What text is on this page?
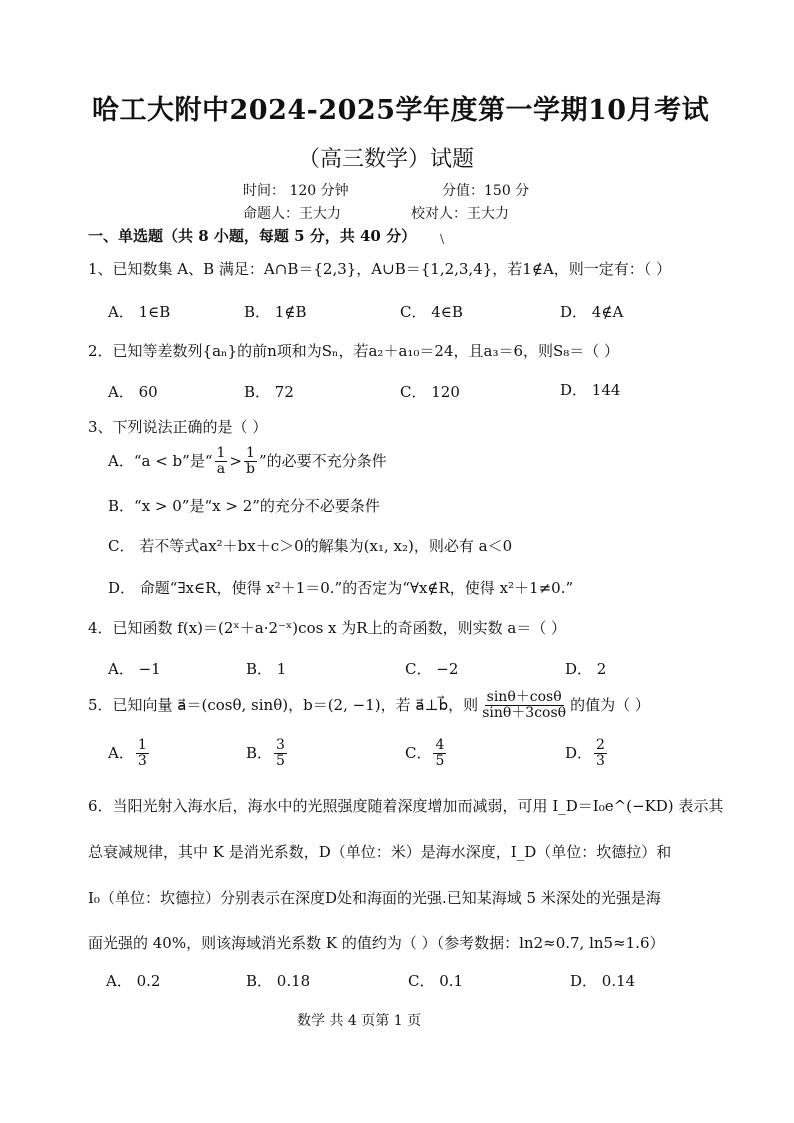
哈工大附中2024-2025学年度第一学期10月考试
（高三数学）试题
时间： 120 分钟	分值：150 分
命题人：王大力	校对人：王大力
一、单选题（共 8 小题，每题 5 分，共 40 分） \
1、已知数集 A、B 满足：A∩B＝{2,3}，A∪B＝{1,2,3,4}，若1∉A，则一定有：（ ）
A． 1∈B	B． 1∉B	C． 4∈B	D． 4∉A
2．已知等差数列{aₙ}的前n项和为Sₙ，若a₂＋a₁₀＝24，且a₃＝6，则S₈＝（ ）
A． 60	B． 72	C． 120	D． 144
3、下列说法正确的是（ ）
A．“a < b”是“ $\frac{1}{a} > \frac{1}{b}$ ”的必要不充分条件
B．“x > 0”是“x > 2”的充分不必要条件
C． 若不等式ax²＋bx＋c＞0的解集为(x₁, x₂)，则必有 a＜0
D． 命题“∃x∈R，使得 x²＋1＝0.”的否定为“∀x∉R，使得 x²＋1≠0.”
4．已知函数 f(x)＝(2ˣ＋a·2⁻ˣ)cos x 为R上的奇函数，则实数 a＝（ ）
A． −1	B． 1	C． −2	D． 2
5．已知向量 a⃗＝(cosθ, sinθ)，b＝(2, −1)，若 a⃗⊥b⃗，则 $\frac{\sin\theta+\cos\theta}{\sin\theta+3\cos\theta}$ 的值为（ ）
A． $\frac{1}{3}$	B． $\frac{3}{5}$	C． $\frac{4}{5}$	D． $\frac{2}{3}$
6．当阳光射入海水后，海水中的光照强度随着深度增加而减弱，可用 I_D＝I₀e^(−KD) 表示其
总衰减规律，其中 K 是消光系数，D（单位：米）是海水深度，I_D（单位：坎德拉）和
I₀（单位：坎德拉）分别表示在深度D处和海面的光强.已知某海域 5 米深处的光强是海
面光强的 40%，则该海域消光系数 K 的值约为（ ）（参考数据：ln2≈0.7, ln5≈1.6）
A． 0.2	B． 0.18	C． 0.1	D． 0.14
数学 共 4 页第 1 页
